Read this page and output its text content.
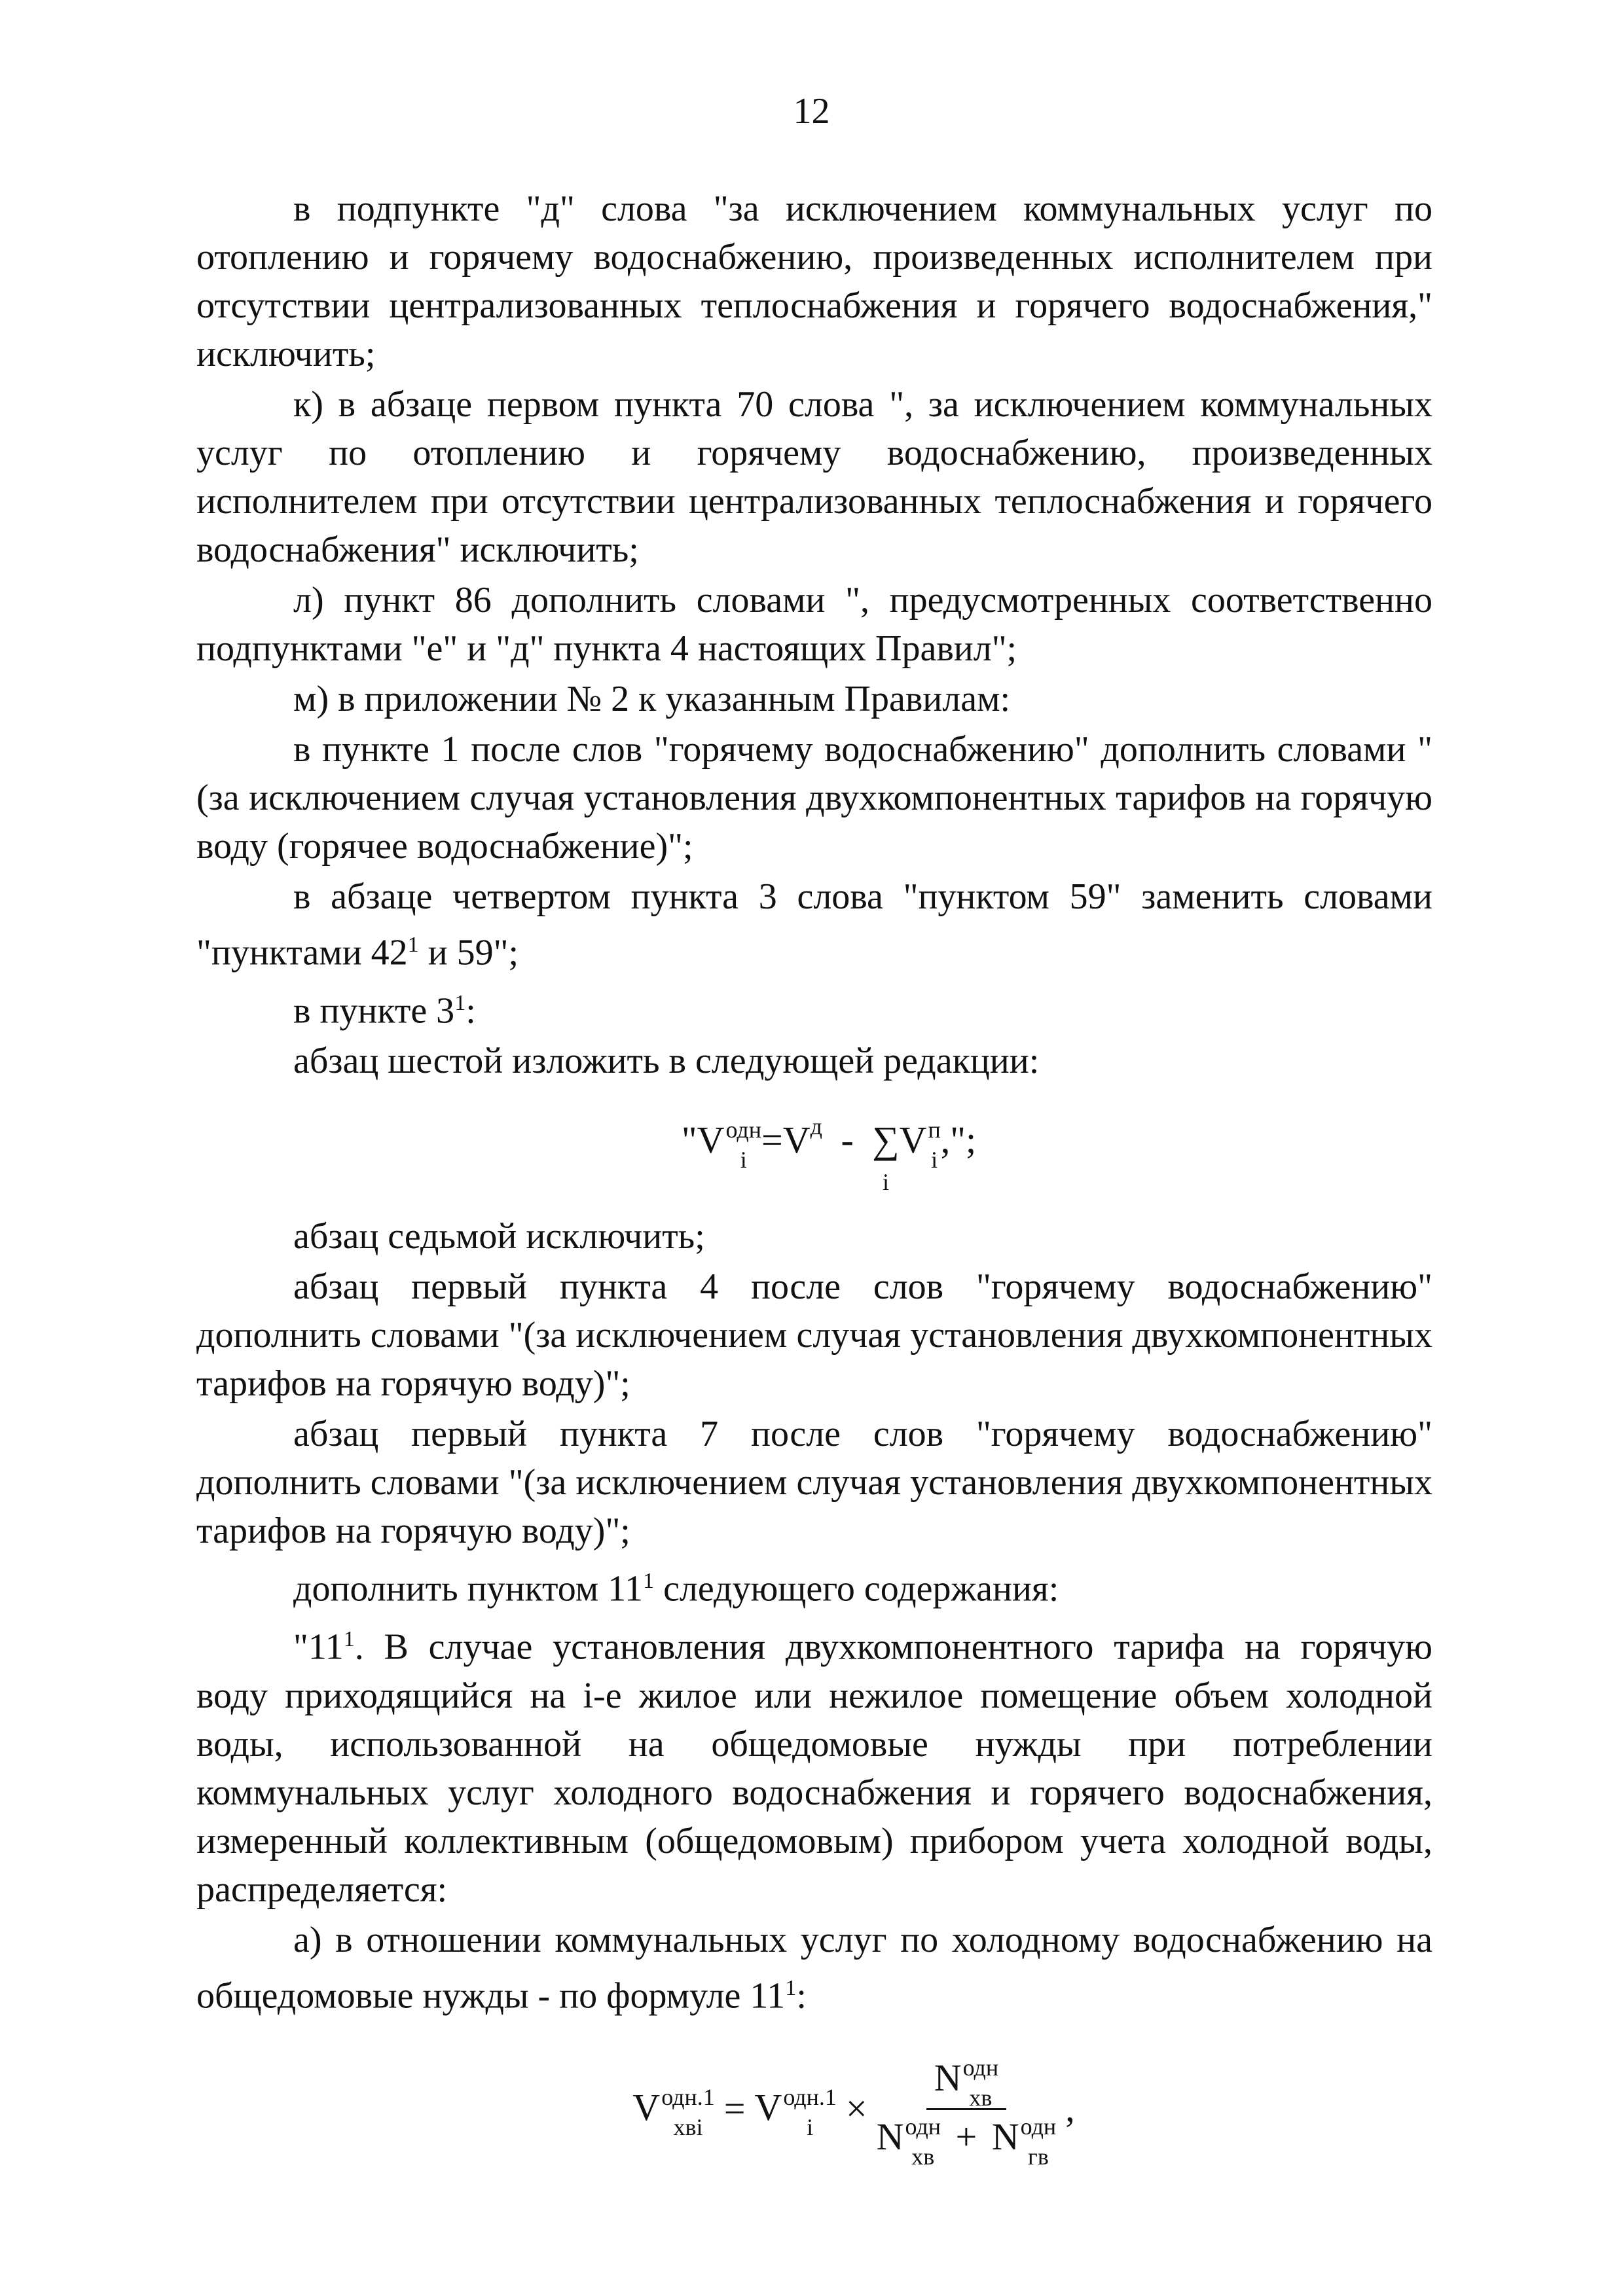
12

в подпункте "д" слова "за исключением коммунальных услуг по отоплению и горячему водоснабжению, произведенных исполнителем при отсутствии централизованных теплоснабжения и горячего водоснабжения," исключить;

к) в абзаце первом пункта 70 слова ", за исключением коммунальных услуг по отоплению и горячему водоснабжению, произведенных исполнителем при отсутствии централизованных теплоснабжения и горячего водоснабжения" исключить;

л) пункт 86 дополнить словами ", предусмотренных соответственно подпунктами "е" и "д" пункта 4 настоящих Правил";

м) в приложении № 2 к указанным Правилам:

в пункте 1 после слов "горячему водоснабжению" дополнить словами "(за исключением случая установления двухкомпонентных тарифов на горячую воду (горячее водоснабжение)";

в абзаце четвертом пункта 3 слова "пунктом 59" заменить словами "пунктами $42^1$ и 59";

в пункте $3^1$:

абзац шестой изложить в следующей редакции:

"V одн
$i =V^д$ - ∑
i
V п
i ,";

абзац седьмой исключить;

абзац первый пункта 4 после слов "горячему водоснабжению" дополнить словами "(за исключением случая установления двухкомпонентных тарифов на горячую воду)";

абзац первый пункта 7 после слов "горячему водоснабжению" дополнить словами "(за исключением случая установления двухкомпонентных тарифов на горячую воду)";

дополнить пунктом $11^1$ следующего содержания:

"$11^1$. В случае установления двухкомпонентного тарифа на горячую воду приходящийся на i-е жилое или нежилое помещение объем холодной воды, использованной на общедомовые нужды при потреблении коммунальных услуг холодного водоснабжения и горячего водоснабжения, измеренный коллективным (общедомовым) прибором учета холодной воды, распределяется:

а) в отношении коммунальных услуг по холодному водоснабжению на общедомовые нужды - по формуле $11^1$:

V одн.1
хвi = V одн.1
i × N одн
хв
N одн
хв + N одн
гв ,
